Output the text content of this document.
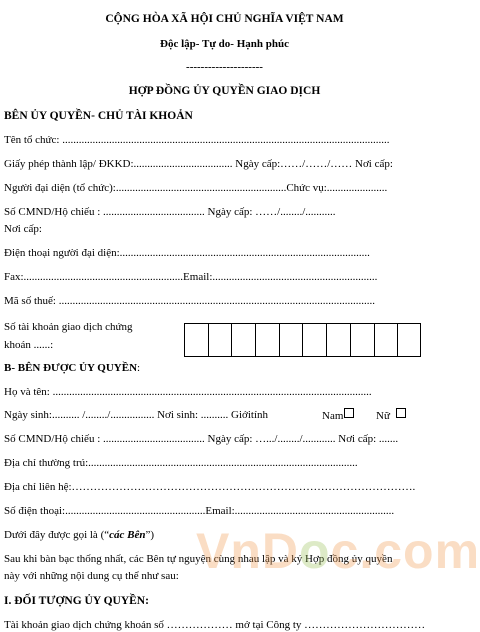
CỘNG HÒA XÃ HỘI CHỦ NGHĨA VIỆT NAM
Độc lập- Tự do- Hạnh phúc
---------------------
HỢP ĐỒNG ỦY QUYỀN GIAO DỊCH
BÊN ỦY QUYỀN- CHỦ TÀI KHOẢN
Tên tổ chức: .......................................................................................................................
Giấy phép thành lập/ ĐKKD:.................................... Ngày cấp:……/……/…… Nơi cấp:
Người đại diện (tổ chức):..............................................................Chức vụ:......................
Số CMND/Hộ chiếu : ..................................... Ngày cấp: ……/......../...........
Nơi cấp:
Điện thoại người đại diện:...........................................................................................
Fax:..........................................................Email:............................................................
Mã số thuế: ...................................................................................................................
Số tài khoản giao dịch chứng
khoán ......:
B- BÊN ĐƯỢC ỦY QUYỀN:
Họ và tên: ....................................................................................................................
Ngày sinh:.......... /......../................ Nơi sinh: .......... Giớitính	Nam	Nữ
Số CMND/Hộ chiếu : ..................................... Ngày cấp: ….../......../............ Nơi cấp: .......
Địa chỉ thường trú:..................................................................................................
Địa chỉ liên hệ:………………………………………………………………………………….
Số điện thoại:...................................................Email:..........................................................
Dưới đây được gọi là (“các Bên”)
Sau khi bàn bạc thống nhất, các Bên tự nguyện cùng nhau lập và ký Hợp đồng ủy quyền
này với những nội dung cụ thể như sau:
I. ĐỐI TƯỢNG ỦY QUYỀN:
Tài khoản giao dịch chứng khoán số ……………… mở tại Công ty ……………………………
VnDoc.com
